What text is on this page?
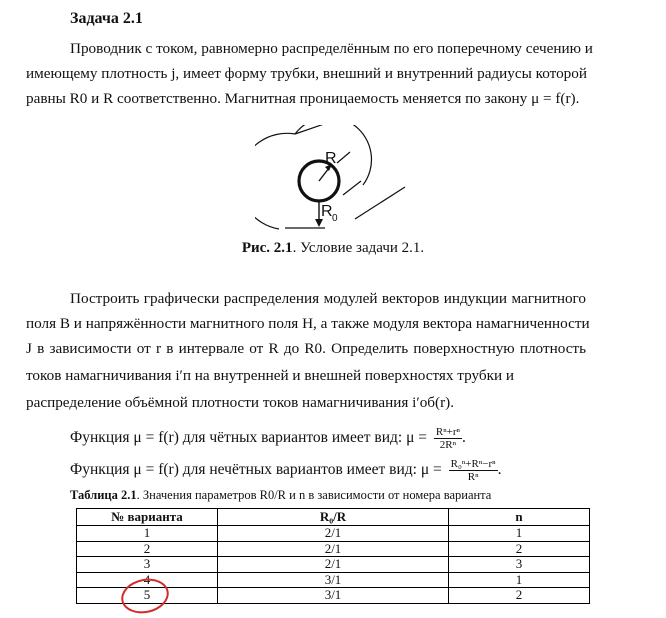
Задача 2.1
Проводник с током, равномерно распределённым по его поперечному сечению и
имеющему плотность j, имеет форму трубки, внешний и внутренний радиусы которой
равны R0 и R соответственно. Магнитная проницаемость меняется по закону μ = f(r).
R
R 0
Рис. 2.1. Условие задачи 2.1.
Построить графически распределения модулей векторов индукции магнитного
поля B и напряжённости магнитного поля H, а также модуля вектора намагниченности
J в зависимости от r в интервале от R до R0. Определить поверхностную плотность
токов намагничивания i′п на внутренней и внешней поверхностях трубки и
распределение объёмной плотности токов намагничивания i′об(r).
Функция μ = f(r) для чётных вариантов имеет вид: $\mu = \frac{\text{Rⁿ+rⁿ}}{\text{2Rⁿ}}$ .
Функция μ = f(r) для нечётных вариантов имеет вид: $\mu = \frac{\text{R₀ⁿ+Rⁿ−rⁿ}}{\text{Rⁿ}}$ .
Таблица 2.1. Значения параметров R0/R и n в зависимости от номера варианта
№ варианта	R₀/R	n
1	2/1	1
2	2/1	2
3	2/1	3
4	3/1	1
5	3/1	2
